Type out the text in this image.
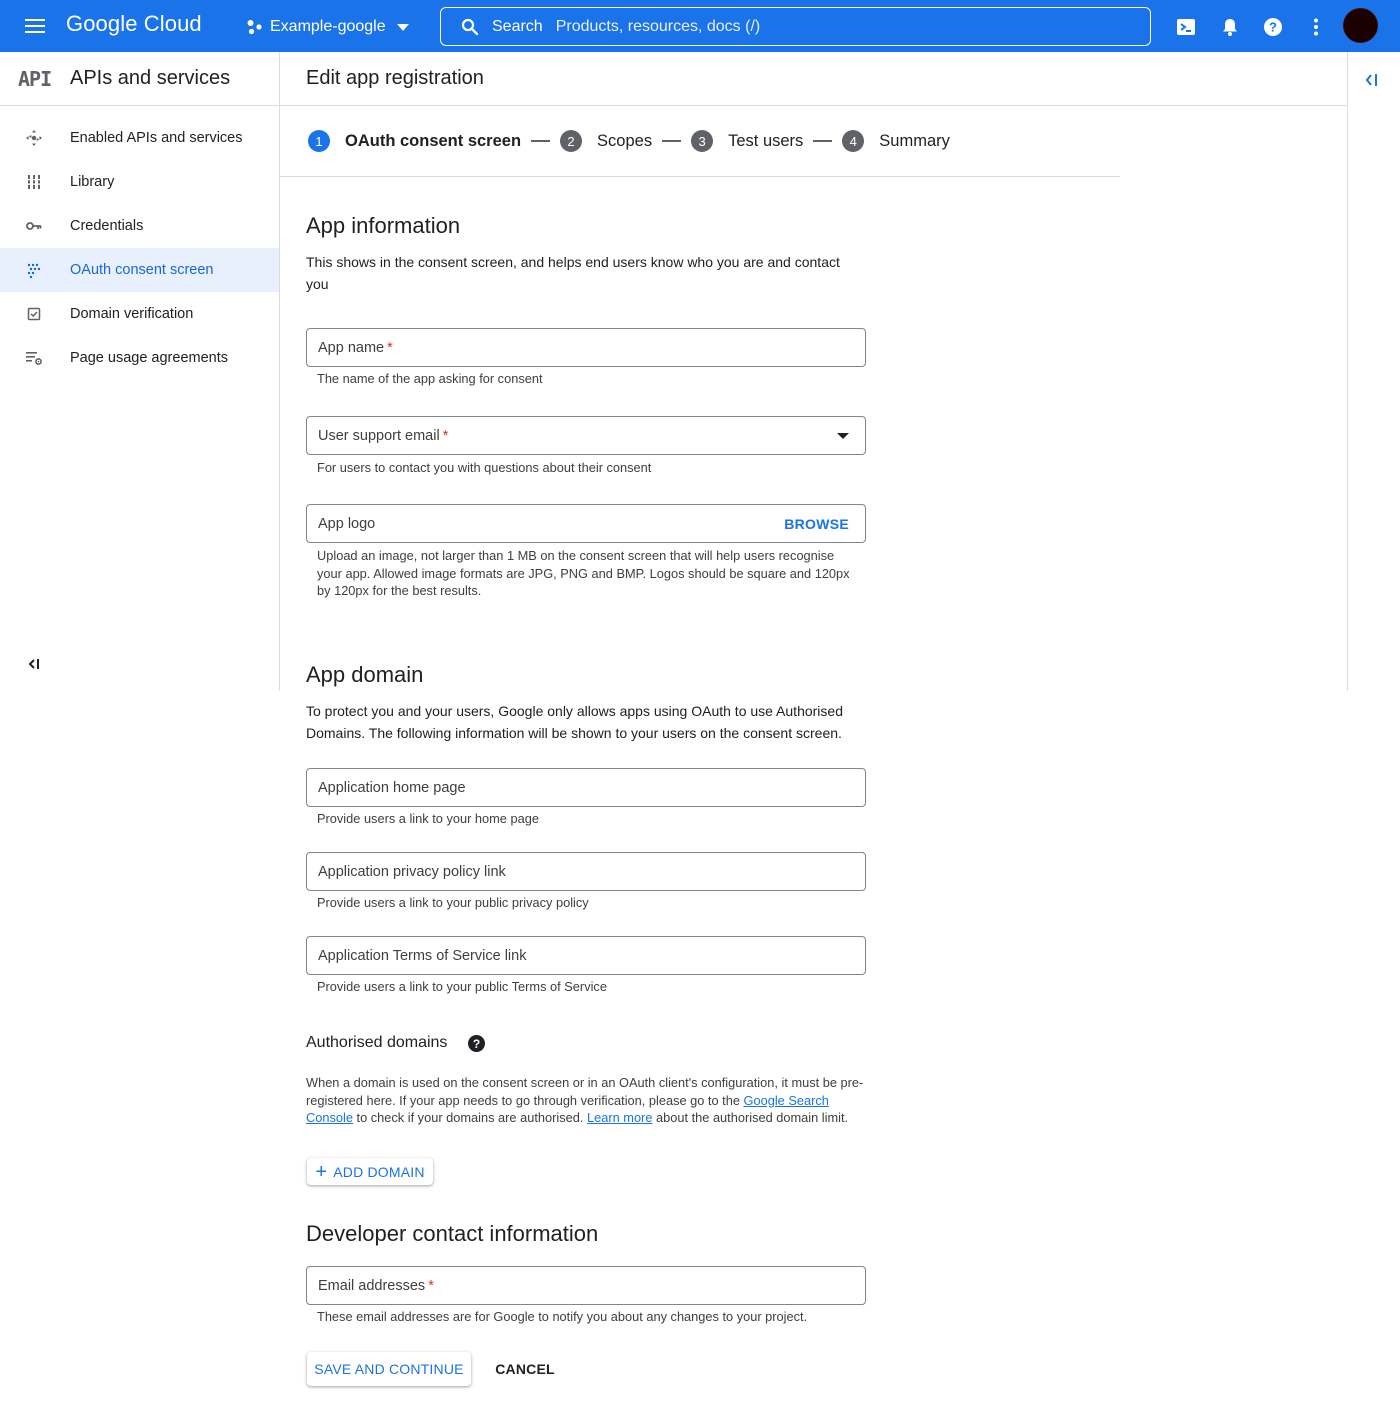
Google Cloud	Example-google	Search Products, resources, docs (/)	?
API APIs and services
Enabled APIs and services
Library
Credentials
OAuth consent screen
Domain verification
Page usage agreements
Edit app registration
1	OAuth consent screen	2	Scopes	3	Test users	4	Summary
App information
This shows in the consent screen, and helps end users know who you are and contact you
App name *
The name of the app asking for consent
User support email *
For users to contact you with questions about their consent
App logo	BROWSE
Upload an image, not larger than 1 MB on the consent screen that will help users recognise your app. Allowed image formats are JPG, PNG and BMP. Logos should be square and 120px by 120px for the best results.
App domain
To protect you and your users, Google only allows apps using OAuth to use Authorised Domains. The following information will be shown to your users on the consent screen.
Application home page
Provide users a link to your home page
Application privacy policy link
Provide users a link to your public privacy policy
Application Terms of Service link
Provide users a link to your public Terms of Service
Authorised domains	?
When a domain is used on the consent screen or in an OAuth client's configuration, it must be pre-registered here. If your app needs to go through verification, please go to the Google Search Console to check if your domains are authorised. Learn more about the authorised domain limit.
+ ADD DOMAIN
Developer contact information
Email addresses *
These email addresses are for Google to notify you about any changes to your project.
SAVE AND CONTINUE	CANCEL
